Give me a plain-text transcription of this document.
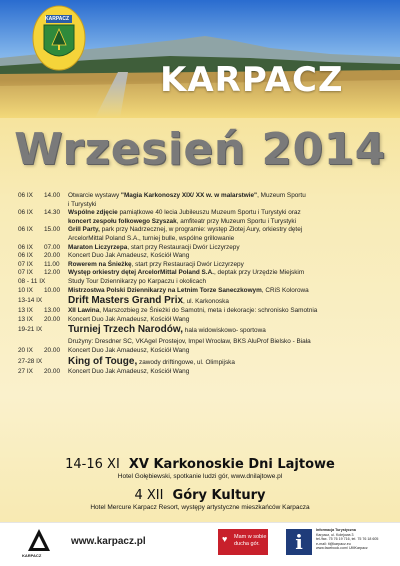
KARPACZ
KARPACZ
Wrzesień 2014
06 IX	14.00	Otwarcie wystawy "Magia Karkonoszy XIX/ XX w. w malarstwie", Muzeum Sportu
i Turystyki
06 IX	14.30	Wspólne zdjęcie pamiątkowe 40 lecia Jubileuszu Muzeum Sportu i Turystyki oraz
koncert zespołu folkowego Szyszak, amfiteatr przy Muzeum Sportu i Turystyki
06 IX	15.00	Grill Party, park przy Nadrzecznej, w programie: występ Złotej Aury, orkiestry dętej
ArcelorMittal Poland S.A., turniej bulle, wspólne grillowanie
06 IX	07.00	Maraton Liczyrzepa, start przy Restauracji Dwór Liczyrzepy
06 IX	20.00	Koncert Duo Jak Amadeusz, Kościół Wang
07 IX	11.00	Rowerem na Śnieżkę, start przy Restauracji Dwór Liczyrzepy
07 IX	12.00	Występ orkiestry dętej ArcelorMittal Poland S.A., deptak przy Urzędzie Miejskim
08 - 11 IX	Study Tour Dziennikarzy po Karpaczu i okolicach
10 IX	10.00	Mistrzostwa Polski Dziennikarzy na Letnim Torze Saneczkowym, CRiS Kolorowa
13-14 IX	Drift Masters Grand Prix, ul. Karkonoska
13 IX	13.00	XII Lawina, Marszozbieg ze Śnieżki do Samotni, meta i dekoracje: schronisko Samotnia
13 IX	20.00	Koncert Duo Jak Amadeusz, Kościół Wang
19-21 IX	Turniej Trzech Narodów, hala widowiskowo- sportowa
Drużyny: Dresdner SC, VKAgel Prostejov, Impel Wrocław, BKS AluProf Bielsko - Biała
20 IX	20.00	Koncert Duo Jak Amadeusz, Kościół Wang
27-28 IX	King of Touge, zawody driftingowe, ul. Olimpijska
27 IX	20.00	Koncert Duo Jak Amadeusz, Kościół Wang
14-16 XI XV Karkonoskie Dni Lajtowe
Hotel Gołębiewski, spotkanie ludzi gór, www.dnilajtowe.pl
4 XII Góry Kultury
Hotel Mercure Karpacz Resort, występy artystyczne mieszkańców Karpacza
KARPACZ
www.karpacz.pl	♥	Mam w sobie
ducha gór.	i	Informacja Turystyczna
Karpacz, ul. Kolejowa 3
tel./fax. 75 76 19 716, tel. 75 76 18 605
e-mail: it@karpacz.eu
www.facebook.com/ UMKarpacz
